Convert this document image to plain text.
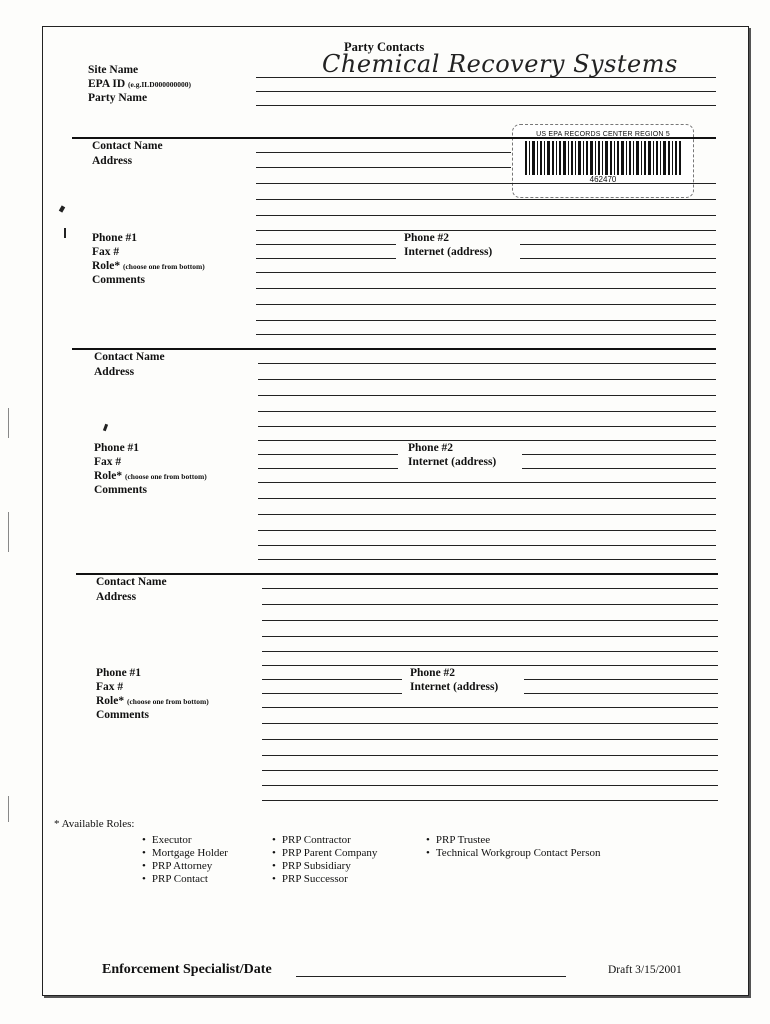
Party Contacts
Chemical Recovery Systems
Site Name
EPA ID (e.g.ILD000000000)
Party Name
US EPA RECORDS CENTER REGION 5
462470
Contact Name
Address
Phone #1
Fax #
Role* (choose one from bottom)
Comments
Phone #2
Internet (address)
Contact Name
Address
Phone #1
Fax #
Role* (choose one from bottom)
Comments
Phone #2
Internet (address)
Contact Name
Address
Phone #1
Fax #
Role* (choose one from bottom)
Comments
Phone #2
Internet (address)
* Available Roles:
• Executor
• Mortgage Holder
• PRP Attorney
• PRP Contact
• PRP Contractor
• PRP Parent Company
• PRP Subsidiary
• PRP Successor
• PRP Trustee
• Technical Workgroup Contact Person
Enforcement Specialist/Date	Draft 3/15/2001
